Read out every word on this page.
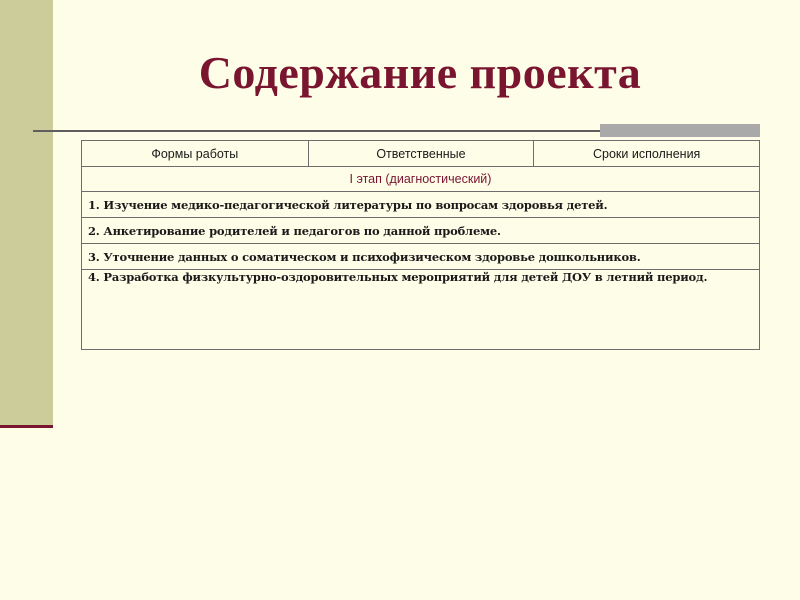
Содержание проекта
Формы работы	Ответственные	Сроки исполнения
I этап (диагностический)
1. Изучение медико-педагогической литературы по вопросам здоровья детей.
2. Анкетирование родителей и педагогов по данной проблеме.
3. Уточнение данных о соматическом и психофизическом здоровье дошкольников.
4. Разработка физкультурно-оздоровительных мероприятий для детей ДОУ в летний период.
